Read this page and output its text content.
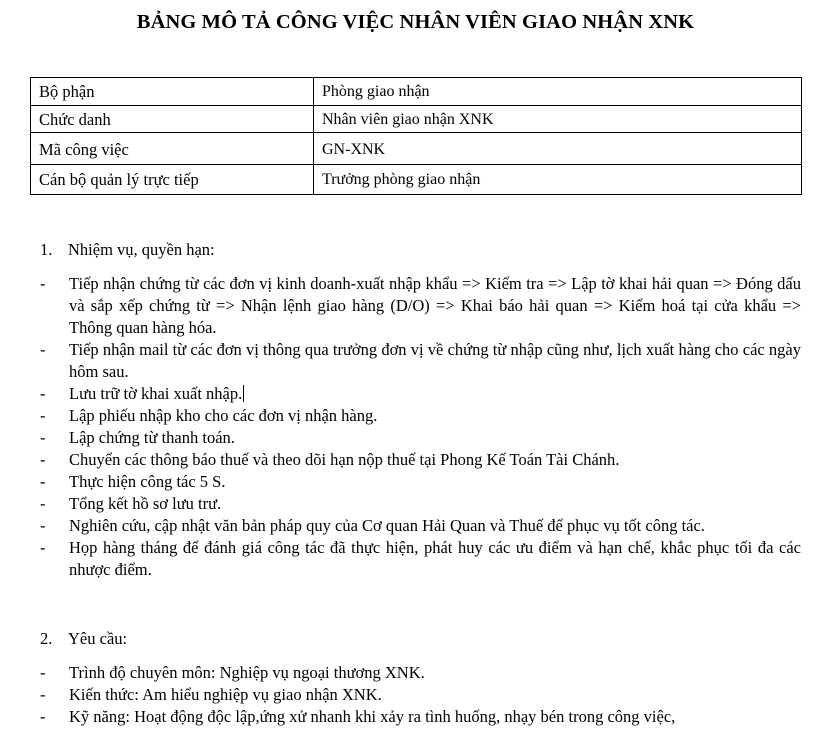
BẢNG MÔ TẢ CÔNG VIỆC NHÂN VIÊN GIAO NHẬN XNK
Bộ phận	Phòng giao nhận
Chức danh	Nhân viên giao nhận XNK
Mã công việc	GN-XNK
Cán bộ quản lý trực tiếp	Trưởng phòng giao nhận
1. Nhiệm vụ, quyền hạn:
- Tiếp nhận chứng từ các đơn vị kinh doanh-xuất nhập khẩu => Kiểm tra => Lập tờ khai hải quan => Đóng dấu và sắp xếp chứng từ => Nhận lệnh giao hàng (D/O) => Khai báo hải quan => Kiểm hoá tại cửa khẩu => Thông quan hàng hóa.
- Tiếp nhận mail từ các đơn vị thông qua trưởng đơn vị về chứng từ nhập cũng như, lịch xuất hàng cho các ngày hôm sau.
- Lưu trữ tờ khai xuất nhập.
- Lập phiếu nhập kho cho các đơn vị nhận hàng.
- Lập chứng từ thanh toán.
- Chuyển các thông báo thuế và theo dõi hạn nộp thuế tại Phong Kế Toán Tài Chánh.
- Thực hiện công tác 5 S.
- Tổng kết hồ sơ lưu trư.
- Nghiên cứu, cập nhật văn bản pháp quy của Cơ quan Hải Quan và Thuế để phục vụ tốt công tác.
- Họp hàng tháng để đánh giá công tác đã thực hiện, phát huy các ưu điểm và hạn chế, khắc phục tối đa các nhược điểm.
2. Yêu cầu:
- Trình độ chuyên môn: Nghiệp vụ ngoại thương XNK.
- Kiến thức: Am hiểu nghiệp vụ giao nhận XNK.
- Kỹ năng: Hoạt động độc lập,ứng xử nhanh khi xảy ra tình huống, nhạy bén trong công việc,
